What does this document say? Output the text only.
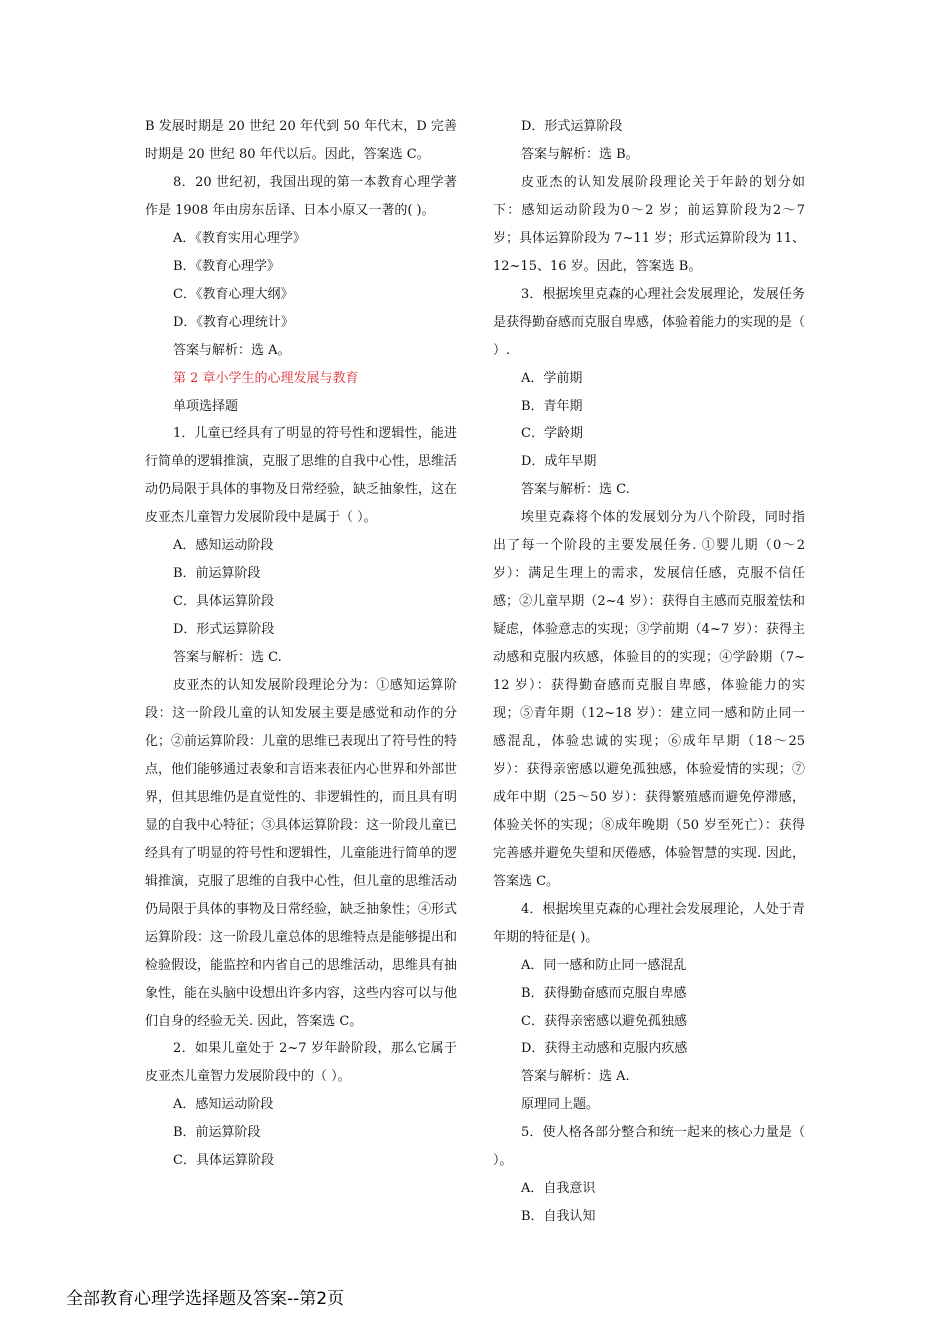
B 发展时期是 20 世纪 20 年代到 50 年代末，D 完善时期是 20 世纪 80 年代以后。因此，答案选 C。

8．20 世纪初，我国出现的第一本教育心理学著作是 1908 年由房东岳译、日本小原又一著的( )。

A．《教育实用心理学》

B．《教育心理学》

C．《教育心理大纲》

D．《教育心理统计》

答案与解析：选 A。

第 2 章小学生的心理发展与教育

单项选择题

1．儿童已经具有了明显的符号性和逻辑性，能进行简单的逻辑推演，克服了思维的自我中心性，思维活动仍局限于具体的事物及日常经验，缺乏抽象性，这在皮亚杰儿童智力发展阶段中是属于（ ）。

A．感知运动阶段

B．前运算阶段

C．具体运算阶段

D．形式运算阶段

答案与解析：选 C.

皮亚杰的认知发展阶段理论分为：①感知运算阶段：这一阶段儿童的认知发展主要是感觉和动作的分化；②前运算阶段：儿童的思维已表现出了符号性的特点，他们能够通过表象和言语来表征内心世界和外部世界，但其思维仍是直觉性的、非逻辑性的，而且具有明显的自我中心特征；③具体运算阶段：这一阶段儿童已经具有了明显的符号性和逻辑性，儿童能进行简单的逻辑推演，克服了思维的自我中心性，但儿童的思维活动仍局限于具体的事物及日常经验，缺乏抽象性；④形式运算阶段：这一阶段儿童总体的思维特点是能够提出和检验假设，能监控和内省自己的思维活动，思维具有抽象性，能在头脑中设想出许多内容，这些内容可以与他们自身的经验无关. 因此，答案选 C。

2．如果儿童处于 2~7 岁年龄阶段，那么它属于皮亚杰儿童智力发展阶段中的（ ）。

A．感知运动阶段

B．前运算阶段

C．具体运算阶段

D．形式运算阶段

答案与解析：选 B。

皮亚杰的认知发展阶段理论关于年龄的划分如下：感知运动阶段为0～2 岁；前运算阶段为2～7 岁；具体运算阶段为 7~11 岁；形式运算阶段为 11、12~15、16 岁。因此，答案选 B。

3．根据埃里克森的心理社会发展理论，发展任务是获得勤奋感而克服自卑感，体验着能力的实现的是（ ）.

A．学前期

B．青年期

C．学龄期

D．成年早期

答案与解析：选 C.

埃里克森将个体的发展划分为八个阶段，同时指出了每一个阶段的主要发展任务. ①婴儿期（0～2 岁）：满足生理上的需求，发展信任感，克服不信任感；②儿童早期（2~4 岁）：获得自主感而克服羞怯和疑虑，体验意志的实现；③学前期（4~7 岁）：获得主动感和克服内疚感，体验目的的实现；④学龄期（7~12 岁）：获得勤奋感而克服自卑感，体验能力的实现；⑤青年期（12~18 岁）：建立同一感和防止同一感混乱，体验忠诚的实现；⑥成年早期（18～25 岁）：获得亲密感以避免孤独感，体验爱情的实现；⑦成年中期（25～50 岁）：获得繁殖感而避免停滞感，体验关怀的实现；⑧成年晚期（50 岁至死亡）：获得完善感并避免失望和厌倦感，体验智慧的实现. 因此，答案选 C。

4．根据埃里克森的心理社会发展理论，人处于青年期的特征是( )。

A．同一感和防止同一感混乱

B．获得勤奋感而克服自卑感

C．获得亲密感以避免孤独感

D．获得主动感和克服内疚感

答案与解析：选 A.

原理同上题。

5．使人格各部分整合和统一起来的核心力量是（ ）。

A．自我意识

B．自我认知

全部教育心理学选择题及答案--第2页
